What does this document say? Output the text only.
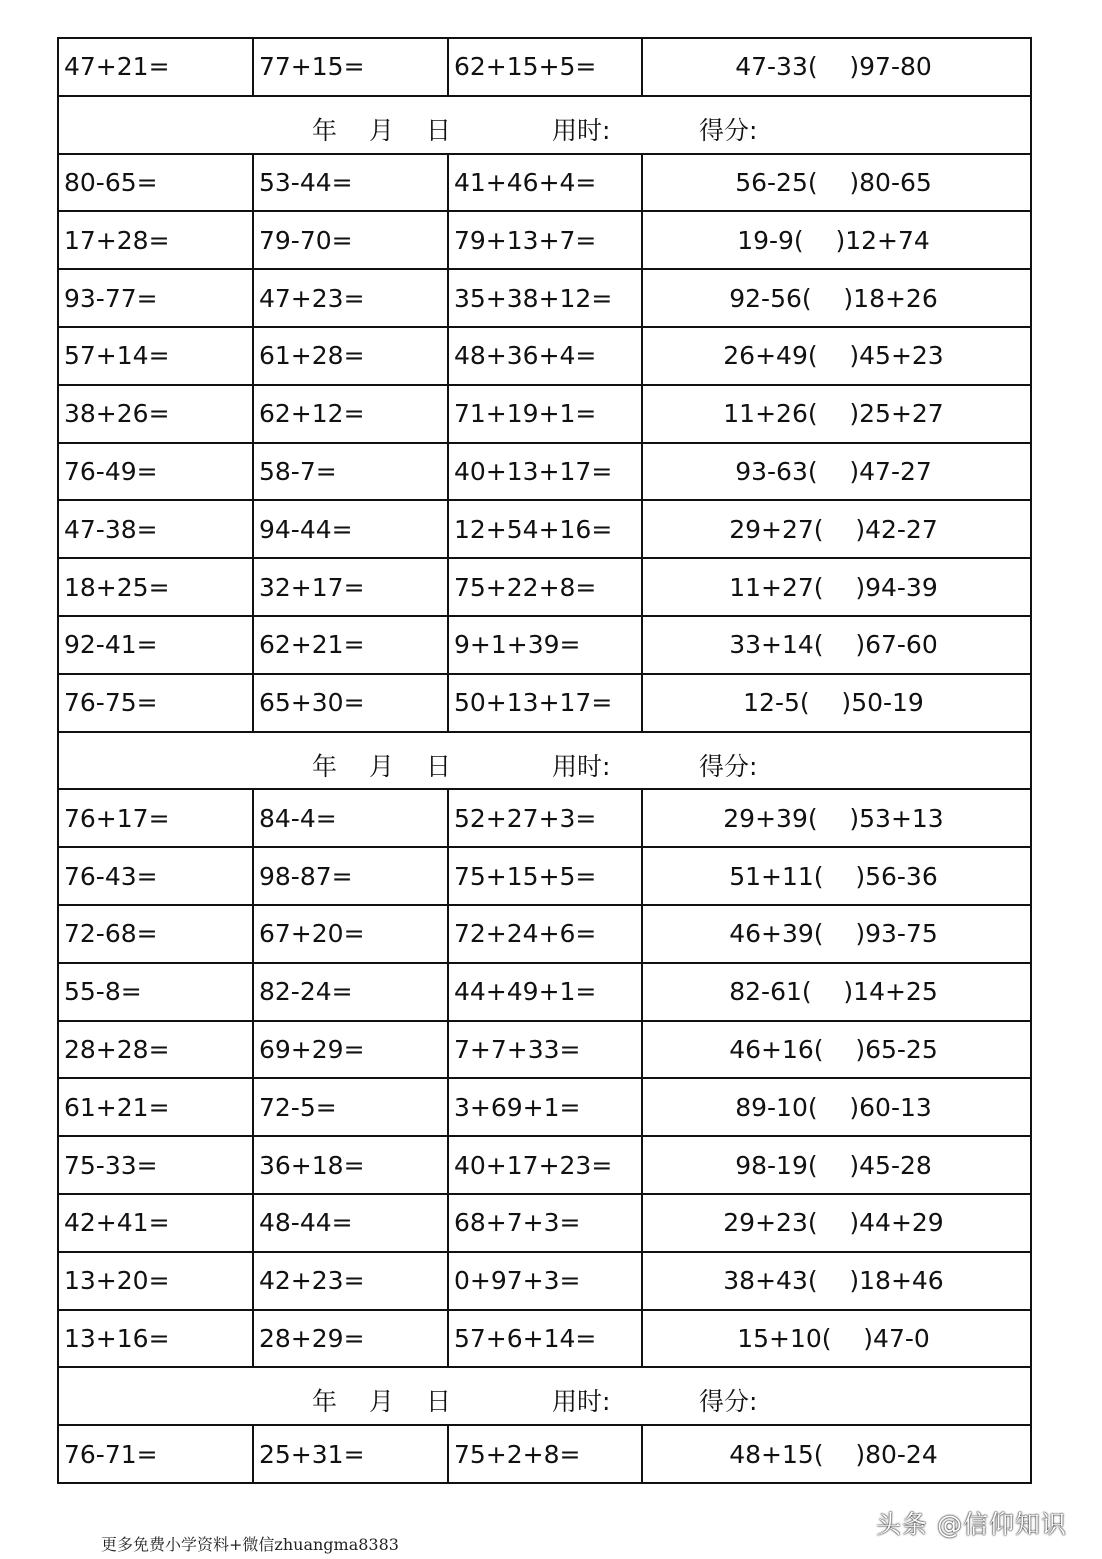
47+21=	77+15=	62+15+5=	47-33(    )97-80

年 月 日 用时: 得分:			

80-65=	53-44=	41+46+4=	56-25(    )80-65
17+28=	79-70=	79+13+7=	19-9(    )12+74
93-77=	47+23=	35+38+12=	92-56(    )18+26
57+14=	61+28=	48+36+4=	26+49(    )45+23
38+26=	62+12=	71+19+1=	11+26(    )25+27
76-49=	58-7=	40+13+17=	93-63(    )47-27
47-38=	94-44=	12+54+16=	29+27(    )42-27
18+25=	32+17=	75+22+8=	11+27(    )94-39
92-41=	62+21=	9+1+39=	33+14(    )67-60
76-75=	65+30=	50+13+17=	12-5(    )50-19

年 月 日 用时: 得分:			

76+17=	84-4=	52+27+3=	29+39(    )53+13
76-43=	98-87=	75+15+5=	51+11(    )56-36
72-68=	67+20=	72+24+6=	46+39(    )93-75
55-8=	82-24=	44+49+1=	82-61(    )14+25
28+28=	69+29=	7+7+33=	46+16(    )65-25
61+21=	72-5=	3+69+1=	89-10(    )60-13
75-33=	36+18=	40+17+23=	98-19(    )45-28
42+41=	48-44=	68+7+3=	29+23(    )44+29
13+20=	42+23=	0+97+3=	38+43(    )18+46
13+16=	28+29=	57+6+14=	15+10(    )47-0

年 月 日 用时: 得分:			

76-71=	25+31=	75+2+8=	48+15(    )80-24
更多免费小学资料+微信zhuangma8383
头条 @信仰知识
